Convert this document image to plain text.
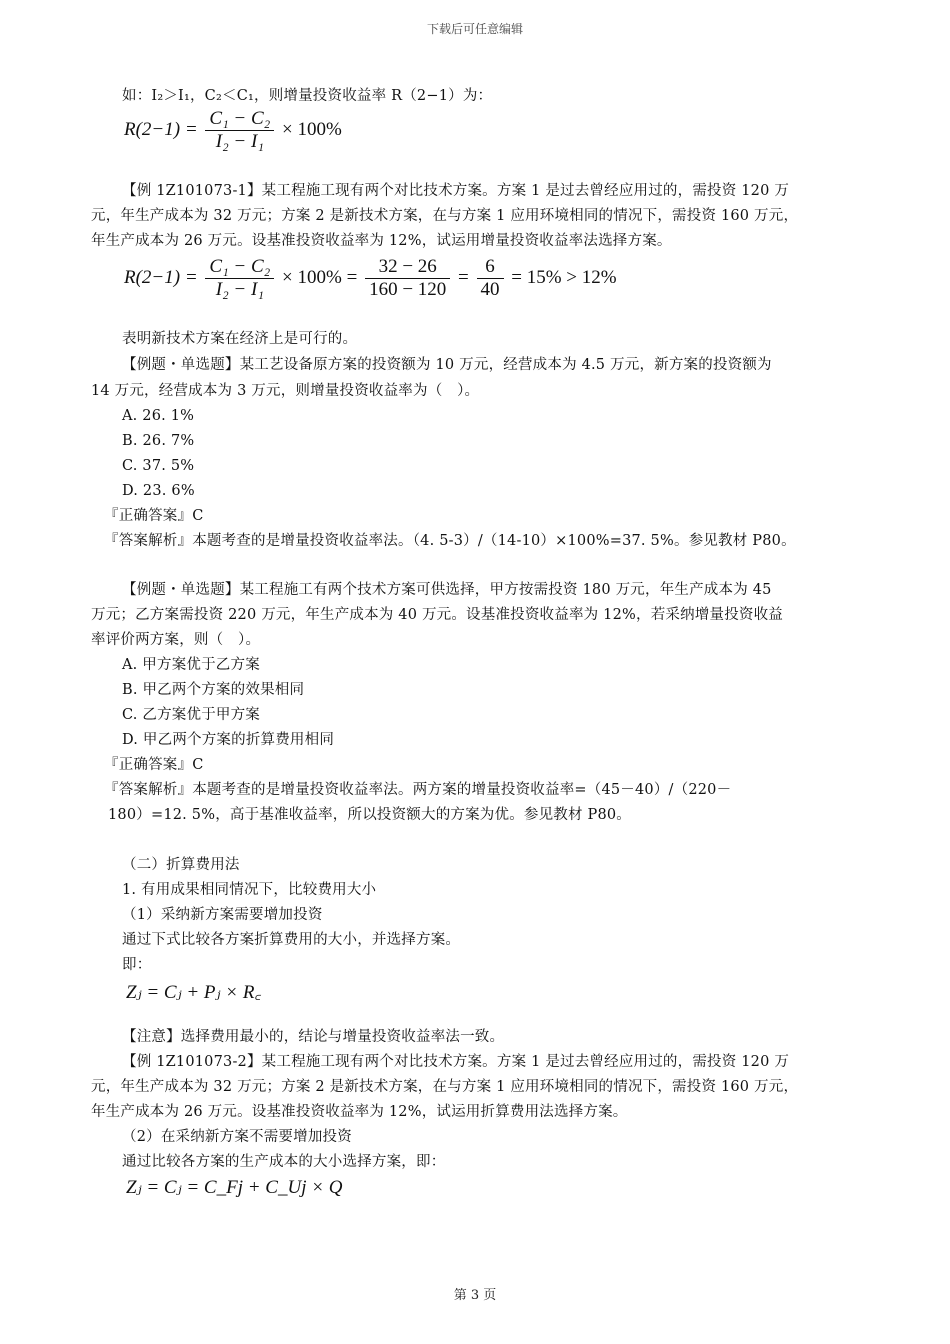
下载后可任意编辑
如：I₂＞I₁，C₂＜C₁，则增量投资收益率 R（2−1）为：
$R(2-1) = \frac{\text{C₁ − C₂}}{\text{I₂ − I₁}} \times 100\%$
【例 1Z101073-1】某工程施工现有两个对比技术方案。方案 1 是过去曾经应用过的，需投资 120 万
元，年生产成本为 32 万元；方案 2 是新技术方案，在与方案 1 应用环境相同的情况下，需投资 160 万元，
年生产成本为 26 万元。设基准投资收益率为 12%，试运用增量投资收益率法选择方案。
$R(2-1) = \frac{\text{C₁ − C₂}}{\text{I₂ − I₁}} \times 100\% = \frac{32 - 26}{160 - 120} = \frac{6}{40} = 15\% > 12\%$
表明新技术方案在经济上是可行的。
【例题・单选题】某工艺设备原方案的投资额为 10 万元，经营成本为 4.5 万元，新方案的投资额为
14 万元，经营成本为 3 万元，则增量投资收益率为（　）。
A. 26. 1%
B. 26. 7%
C. 37. 5%
D. 23. 6%
『正确答案』C
『答案解析』本题考查的是增量投资收益率法。（4. 5-3）/（14-10）×100%=37. 5%。参见教材 P80。
【例题・单选题】某工程施工有两个技术方案可供选择，甲方按需投资 180 万元，年生产成本为 45
万元；乙方案需投资 220 万元，年生产成本为 40 万元。设基准投资收益率为 12%，若采纳增量投资收益
率评价两方案，则（　）。
A. 甲方案优于乙方案
B. 甲乙两个方案的效果相同
C. 乙方案优于甲方案
D. 甲乙两个方案的折算费用相同
『正确答案』C
『答案解析』本题考查的是增量投资收益率法。两方案的增量投资收益率=（45－40）/（220－
180）=12. 5%，高于基准收益率，所以投资额大的方案为优。参见教材 P80。
（二）折算费用法
1. 有用成果相同情况下，比较费用大小
（1）采纳新方案需要增加投资
通过下式比较各方案折算费用的大小，并选择方案。
即：
Zⱼ = Cⱼ + Pⱼ × R꜀
【注意】选择费用最小的，结论与增量投资收益率法一致。
【例 1Z101073-2】某工程施工现有两个对比技术方案。方案 1 是过去曾经应用过的，需投资 120 万
元，年生产成本为 32 万元；方案 2 是新技术方案，在与方案 1 应用环境相同的情况下，需投资 160 万元，
年生产成本为 26 万元。设基准投资收益率为 12%，试运用折算费用法选择方案。
（2）在采纳新方案不需要增加投资
通过比较各方案的生产成本的大小选择方案，即：
Zⱼ = Cⱼ = C_Fj + C_Uj × Q
第 3 页
